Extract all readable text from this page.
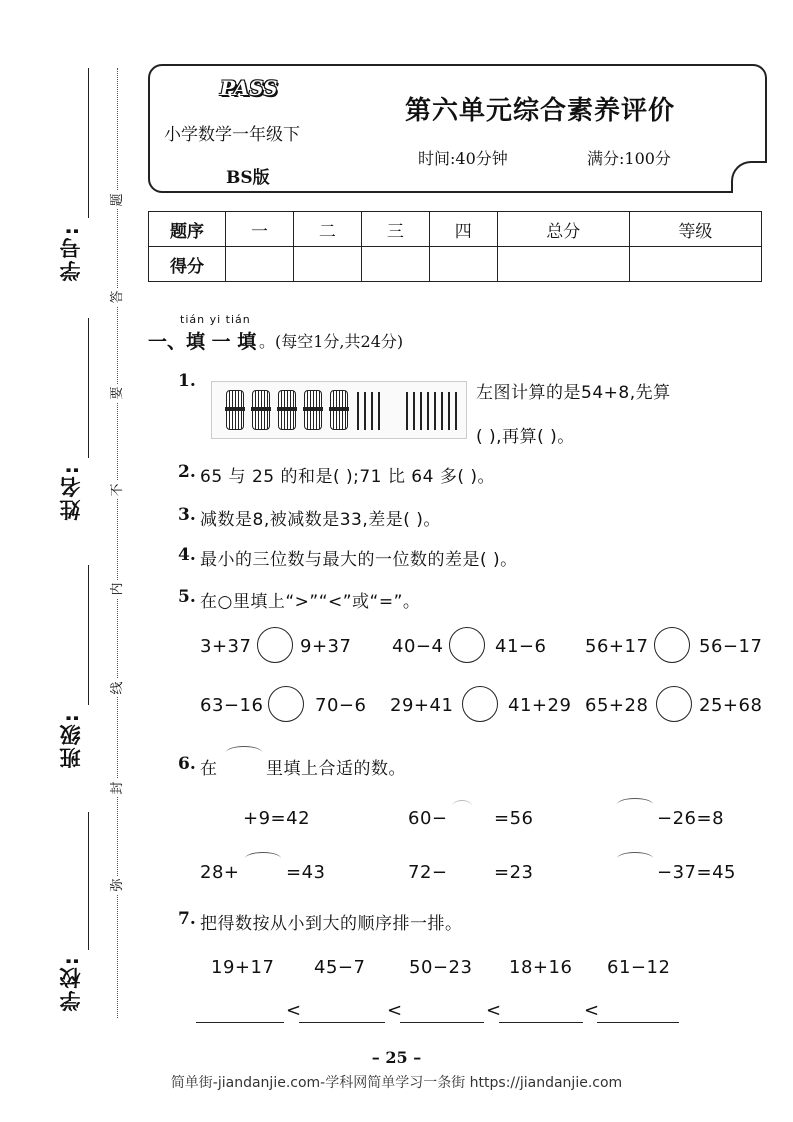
学号:
姓名:
班级:
学校:
题
答
要
不
内
线
封
弥
PASS
小学数学一年级下
BS版
第六单元综合素养评价
时间:40分钟	满分:100分
题序	一	二	三	四	总分	等级
得分						
tián yi tián
一、填 一 填 。(每空1分,共24分)
1.
左图计算的是54+8,先算
( ),再算( )。
2. 65 与 25 的和是( );71 比 64 多( )。
3. 减数是8,被减数是33,差是( )。
4. 最小的三位数与最大的一位数的差是( )。
5. 在○里填上“>”“<”或“=”。
3+37	9+37 40−4	41−6 56+17	56−17
63−16	70−6 29+41	41+29 65+28	25+68
6. 在	里填上合适的数。
+9=42	60−	=56	−26=8
28+	=43	72−	=23	−37=45
7. 把得数按从小到大的顺序排一排。
19+17 45−7 50−23 18+16 61−12
<	<	<	<
– 25 –
简单街-jiandanjie.com-学科网简单学习一条街 https://jiandanjie.com
